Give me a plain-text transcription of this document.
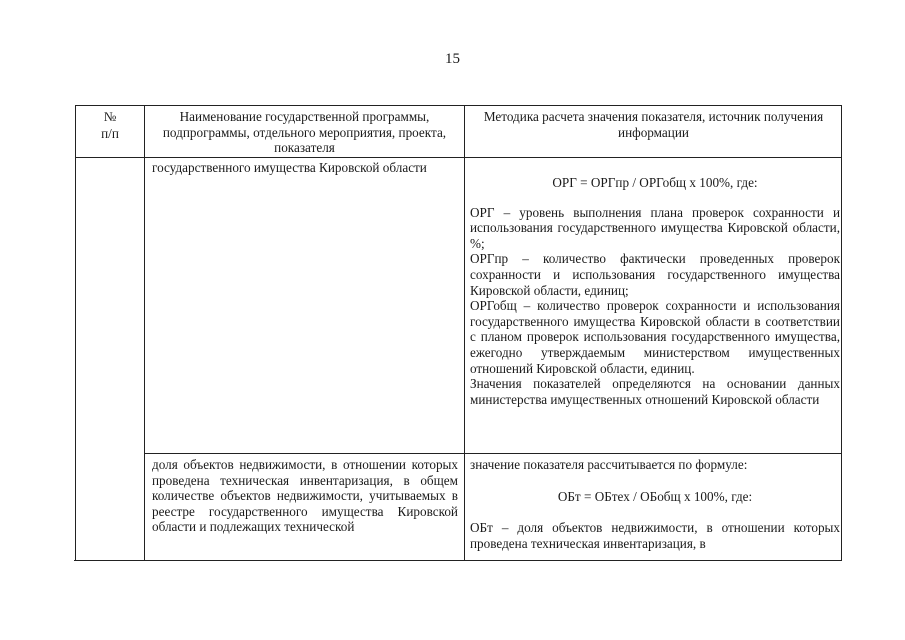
15
№
п/п
Наименование государственной программы, подпрограммы, отдельного мероприятия, проекта, показателя
Методика расчета значения показателя, источник получения информации
государственного имущества Кировской области

ОРГ = ОРГпр / ОРГобщ х 100%, где:

ОРГ – уровень выполнения плана проверок сохранности и использования государственного имущества Кировской области, %;

ОРГпр – количество фактически проведенных проверок сохранности и использования государственного имущества Кировской области, единиц;

ОРГобщ – количество проверок сохранности и использования государственного имущества Кировской области в соответствии с планом проверок использования государственного имущества, ежегодно утверждаемым министерством имущественных отношений Кировской области, единиц.

Значения показателей определяются на основании данных министерства имущественных отношений Кировской области

доля объектов недвижимости, в отношении которых проведена техническая инвентаризация, в общем количестве объектов недвижимости, учитываемых в реестре государственного имущества Кировской области и подлежащих технической

значение показателя рассчитывается по формуле:

ОБт = ОБтех / ОБобщ х 100%, где:

ОБт – доля объектов недвижимости, в отношении которых проведена техническая инвентаризация, в
